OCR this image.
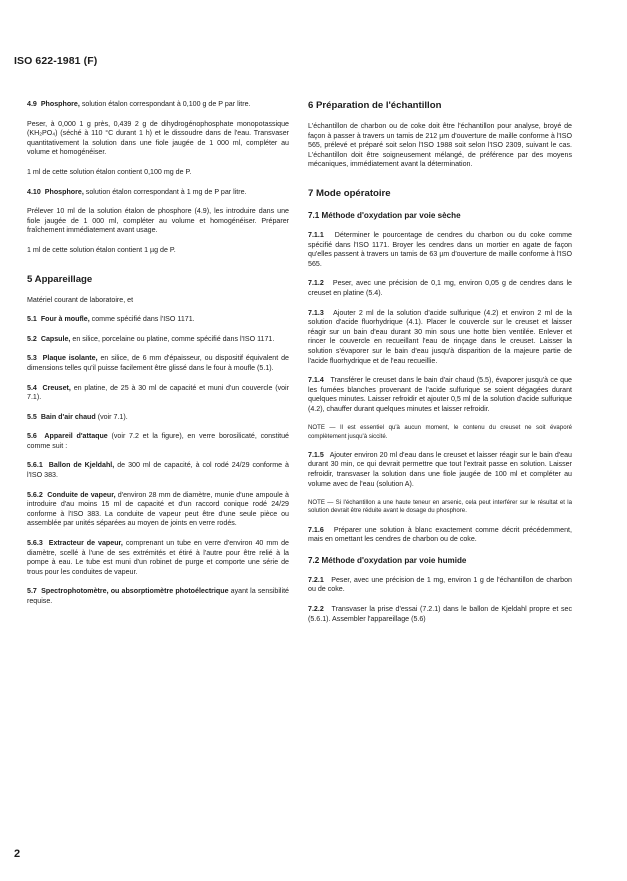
ISO 622-1981 (F)
4.9 Phosphore, solution étalon correspondant à 0,100 g de P par litre.
Peser, à 0,000 1 g près, 0,439 2 g de dihydrogénophosphate monopotassique (KH₂PO₄) (séché à 110 °C durant 1 h) et le dissoudre dans de l'eau. Transvaser quantitativement la solution dans une fiole jaugée de 1 000 ml, compléter au volume et homogénéiser.
1 ml de cette solution étalon contient 0,100 mg de P.
4.10 Phosphore, solution étalon correspondant à 1 mg de P par litre.
Prélever 10 ml de la solution étalon de phosphore (4.9), les introduire dans une fiole jaugée de 1 000 ml, compléter au volume et homogénéiser. Préparer fraîchement immédiatement avant usage.
1 ml de cette solution étalon contient 1 µg de P.
5 Appareillage
Matériel courant de laboratoire, et
5.1 Four à moufle, comme spécifié dans l'ISO 1171.
5.2 Capsule, en silice, porcelaine ou platine, comme spécifié dans l'ISO 1171.
5.3 Plaque isolante, en silice, de 6 mm d'épaisseur, ou dispositif équivalent de dimensions telles qu'il puisse facilement être glissé dans le four à moufle (5.1).
5.4 Creuset, en platine, de 25 à 30 ml de capacité et muni d'un couvercle (voir 7.1).
5.5 Bain d'air chaud (voir 7.1).
5.6 Appareil d'attaque (voir 7.2 et la figure), en verre borosilicaté, constitué comme suit :
5.6.1 Ballon de Kjeldahl, de 300 ml de capacité, à col rodé 24/29 conforme à l'ISO 383.
5.6.2 Conduite de vapeur, d'environ 28 mm de diamètre, munie d'une ampoule à introduire d'au moins 15 ml de capacité et d'un raccord conique rodé 24/29 conforme à l'ISO 383. La conduite de vapeur peut être d'une seule pièce ou assemblée par unités séparées au moyen de joints en verre rodés.
5.6.3 Extracteur de vapeur, comprenant un tube en verre d'environ 40 mm de diamètre, scellé à l'une de ses extrémités et étiré à l'autre pour être relié à la pompe à eau. Le tube est muni d'un robinet de purge et comporte une série de trous pour les conduites de vapeur.
5.7 Spectrophotomètre, ou absorptiomètre photoélectrique ayant la sensibilité requise.
6 Préparation de l'échantillon
L'échantillon de charbon ou de coke doit être l'échantillon pour analyse, broyé de façon à passer à travers un tamis de 212 µm d'ouverture de maille conforme à l'ISO 565, prélevé et préparé soit selon l'ISO 1988 soit selon l'ISO 2309, suivant le cas. L'échantillon doit être soigneusement mélangé, de préférence par des moyens mécaniques, immédiatement avant la détermination.
7 Mode opératoire
7.1 Méthode d'oxydation par voie sèche
7.1.1   Déterminer le pourcentage de cendres du charbon ou du coke comme spécifié dans l'ISO 1171. Broyer les cendres dans un mortier en agate de façon qu'elles passent à travers un tamis de 63 µm d'ouverture de maille conforme à l'ISO 565.
7.1.2   Peser, avec une précision de 0,1 mg, environ 0,05 g de cendres dans le creuset en platine (5.4).
7.1.3   Ajouter 2 ml de la solution d'acide sulfurique (4.2) et environ 2 ml de la solution d'acide fluorhydrique (4.1). Placer le couvercle sur le creuset et laisser réagir sur un bain d'eau durant 30 min sous une hotte bien ventilée. Enlever et rincer le couvercle en recueillant l'eau de rinçage dans le creuset. Laisser la solution s'évaporer sur le bain d'eau jusqu'à disparition de la majeure partie de l'acide fluorhydrique et de l'eau recueillie.
7.1.4   Transférer le creuset dans le bain d'air chaud (5.5), évaporer jusqu'à ce que les fumées blanches provenant de l'acide sulfurique se soient dégagées durant quelques minutes. Laisser refroidir et ajouter 0,5 ml de la solution d'acide sulfurique (4.2), chauffer durant quelques minutes et laisser refroidir.
NOTE — Il est essentiel qu'à aucun moment, le contenu du creuset ne soit évaporé complètement jusqu'à siccité.
7.1.5   Ajouter environ 20 ml d'eau dans le creuset et laisser réagir sur le bain d'eau durant 30 min, ce qui devrait permettre que tout l'extrait passe en solution. Laisser refroidir, transvaser la solution dans une fiole jaugée de 100 ml et compléter au volume avec de l'eau (solution A).
NOTE — Si l'échantillon a une haute teneur en arsenic, cela peut interférer sur le résultat et la solution devrait être réduite avant le dosage du phosphore.
7.1.6   Préparer une solution à blanc exactement comme décrit précédemment, mais en omettant les cendres de charbon ou de coke.
7.2 Méthode d'oxydation par voie humide
7.2.1   Peser, avec une précision de 1 mg, environ 1 g de l'échantillon de charbon ou de coke.
7.2.2   Transvaser la prise d'essai (7.2.1) dans le ballon de Kjeldahl propre et sec (5.6.1). Assembler l'appareillage (5.6)
2
